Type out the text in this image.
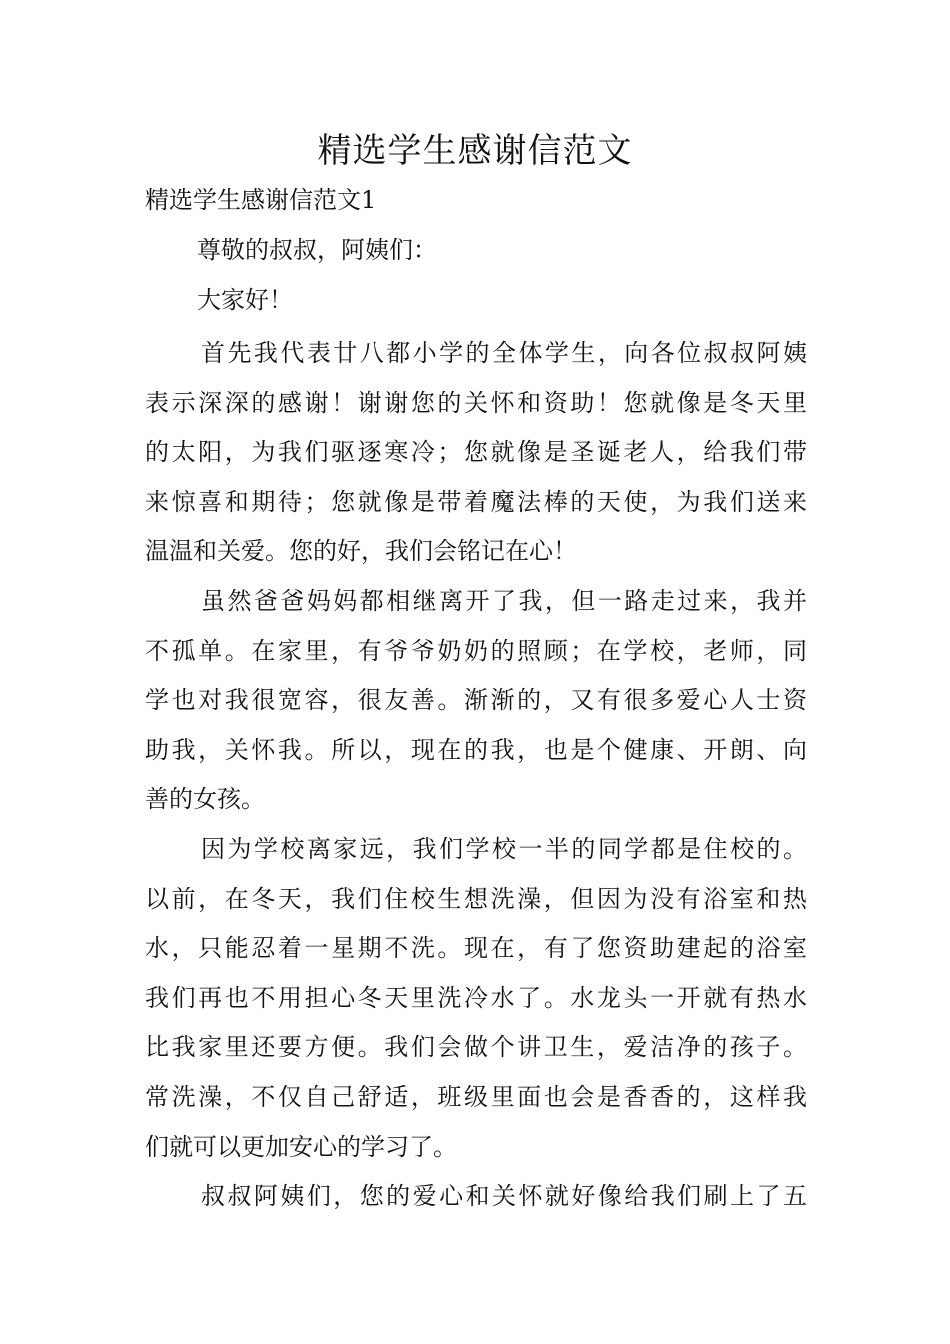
精选学生感谢信范文

精选学生感谢信范文1

尊敬的叔叔，阿姨们：

大家好！

首先我代表廿八都小学的全体学生，向各位叔叔阿姨
表示深深的感谢！谢谢您的关怀和资助！您就像是冬天里
的太阳，为我们驱逐寒冷；您就像是圣诞老人，给我们带
来惊喜和期待；您就像是带着魔法棒的天使，为我们送来
温温和关爱。您的好，我们会铭记在心！

虽然爸爸妈妈都相继离开了我，但一路走过来，我并
不孤单。在家里，有爷爷奶奶的照顾；在学校，老师，同
学也对我很宽容，很友善。渐渐的，又有很多爱心人士资
助我，关怀我。所以，现在的我，也是个健康、开朗、向
善的女孩。

因为学校离家远，我们学校一半的同学都是住校的。
以前，在冬天，我们住校生想洗澡，但因为没有浴室和热
水，只能忍着一星期不洗。现在，有了您资助建起的浴室
我们再也不用担心冬天里洗冷水了。水龙头一开就有热水
比我家里还要方便。我们会做个讲卫生，爱洁净的孩子。
常洗澡，不仅自己舒适，班级里面也会是香香的，这样我
们就可以更加安心的学习了。

叔叔阿姨们，您的爱心和关怀就好像给我们刷上了五
